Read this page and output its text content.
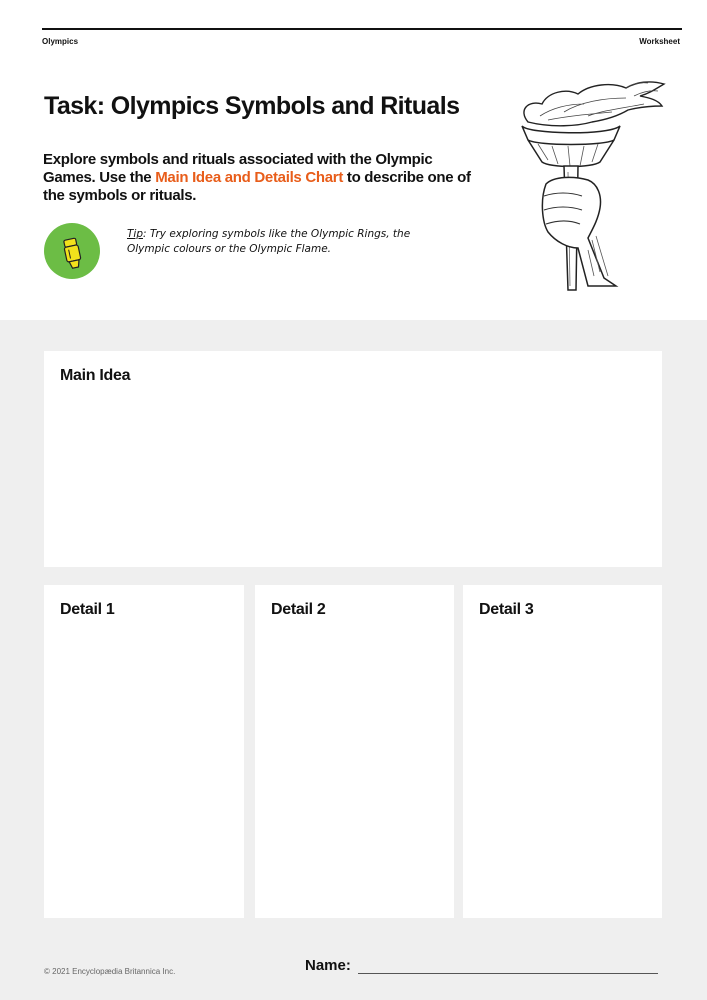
Olympics	Worksheet
Task: Olympics Symbols and Rituals
Explore symbols and rituals associated with the Olympic Games. Use the Main Idea and Details Chart to describe one of the symbols or rituals.
Tip: Try exploring symbols like the Olympic Rings, the Olympic colours or the Olympic Flame.
Main Idea
Detail 1	Detail 2	Detail 3
© 2021 Encyclopædia Britannica Inc.	Name:
